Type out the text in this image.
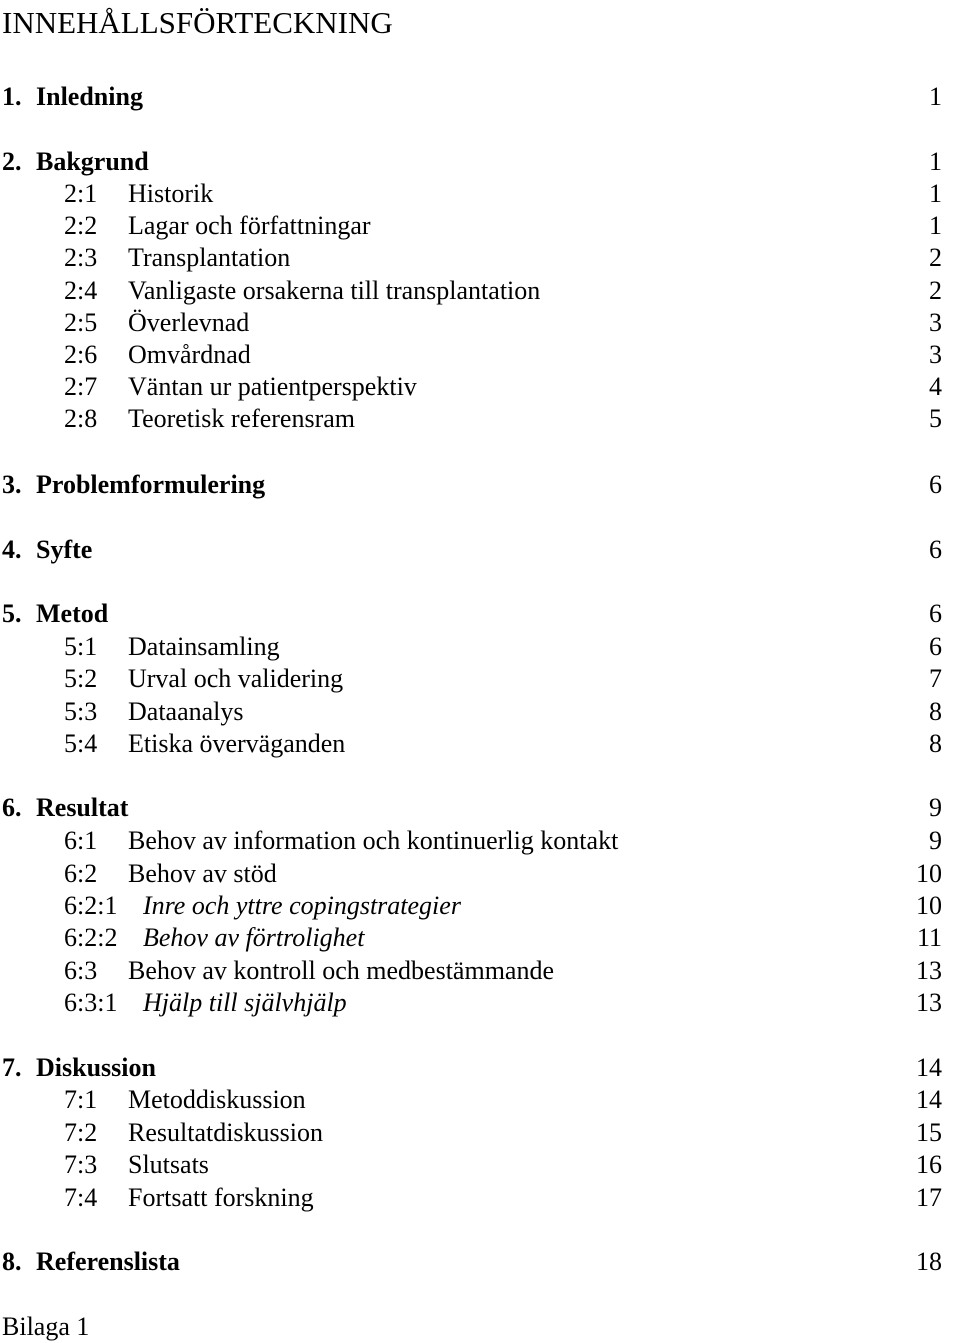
INNEHÅLLSFÖRTECKNING
1. Inledning	1
2. Bakgrund	1
2:1 Historik	1
2:2 Lagar och författningar	1
2:3 Transplantation	2
2:4 Vanligaste orsakerna till transplantation	2
2:5 Överlevnad	3
2:6 Omvårdnad	3
2:7 Väntan ur patientperspektiv	4
2:8 Teoretisk referensram	5
3. Problemformulering	6
4. Syfte	6
5. Metod	6
5:1 Datainsamling	6
5:2 Urval och validering	7
5:3 Dataanalys	8
5:4 Etiska överväganden	8
6. Resultat	9
6:1 Behov av information och kontinuerlig kontakt	9
6:2 Behov av stöd	10
6:2:1 Inre och yttre copingstrategier	10
6:2:2 Behov av förtrolighet	11
6:3 Behov av kontroll och medbestämmande	13
6:3:1 Hjälp till självhjälp	13
7. Diskussion	14
7:1 Metoddiskussion	14
7:2 Resultatdiskussion	15
7:3 Slutsats	16
7:4 Fortsatt forskning	17
8. Referenslista	18
Bilaga 1
